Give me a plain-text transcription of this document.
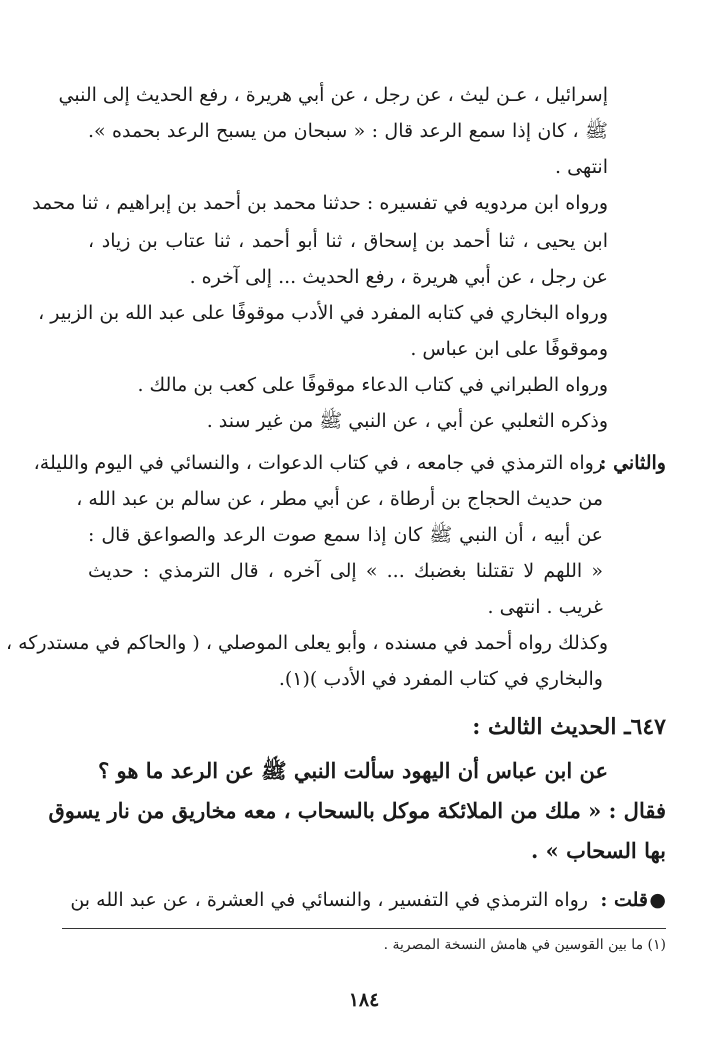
إسرائيل ، عـن ليث ، عن رجل ، عن أبي هريرة ، رفع الحديث إلى النبي
ﷺ ، كان إذا سمع الرعد قال : « سبحان من يسبح الرعد بحمده ».
انتهى .
ورواه ابن مردويه في تفسيره : حدثنا محمد بن أحمد بن إبراهيم ، ثنا محمد
ابن يحيى ، ثنا أحمد بن إسحاق ، ثنا أبو أحمد ، ثنا عتاب بن زياد ،
عن رجل ، عن أبي هريرة ، رفع الحديث ... إلى آخره .
ورواه البخاري في كتابه المفرد في الأدب موقوفًا على عبد الله بن الزبير ،
وموقوفًا على ابن عباس .
ورواه الطبراني في كتاب الدعاء موقوفًا على كعب بن مالك .
وذكره الثعلبي عن أبي ، عن النبي ﷺ من غير سند .
والثاني :
رواه الترمذي في جامعه ، في كتاب الدعوات ، والنسائي في اليوم والليلة،
من حديث الحجاج بن أرطاة ، عن أبي مطر ، عن سالم بن عبد الله ،
عن أبيه ، أن النبي ﷺ كان إذا سمع صوت الرعد والصواعق قال :
« اللهم لا تقتلنا بغضبك ... » إلى آخره ، قال الترمذي : حديث
غريب . انتهى .
وكذلك رواه أحمد في مسنده ، وأبو يعلى الموصلي ، ( والحاكم في مستدركه ،
والبخاري في كتاب المفرد في الأدب )(١).
٦٤٧ـ الحديث الثالث :
عن ابن عباس أن اليهود سألت النبي ﷺ عن الرعد ما هو ؟
فقال : « ملك من الملائكة موكل بالسحاب ، معه مخاريق من نار يسوق
بها السحاب » .
رواه الترمذي في التفسير ، والنسائي في العشرة ، عن عبد الله بن قلت : ●
(١) ما بين القوسين في هامش النسخة المصرية .
١٨٤
